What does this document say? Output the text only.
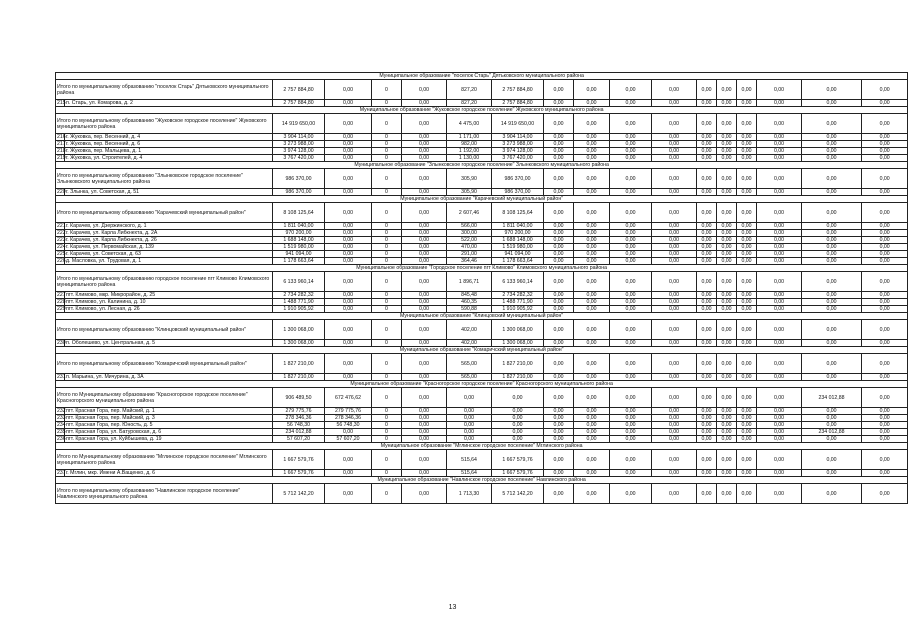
Муниципальное образование "поселок Старь" Дятьковского муниципального района																	
Итого по муниципальному образованию "поселок Старь" Дятьковского муниципального района		2 757 884,80	0,00	0	0,00	827,20	2 757 884,80	0,00	0,00	0,00	0,00	0,00	0,00	0,00	0,00	0,00	0,00
215	п. Старь, ул. Комарова, д. 2	2 757 884,80	0,00	0	0,00	827,20	2 757 884,80	0,00	0,00	0,00	0,00	0,00	0,00	0,00	0,00	0,00	0,00
Муниципальное образование "Жуковское городское поселение" Жуковского муниципального района																	
Итого по муниципальному образованию "Жуковское городское поселение" Жуковского муниципального района		14 919 650,00	0,00	0	0,00	4 475,00	14 919 650,00	0,00	0,00	0,00	0,00	0,00	0,00	0,00	0,00	0,00	0,00
216	г. Жуковка, пер. Весенний, д. 4	3 904 114,00	0,00	0	0,00	1 171,00	3 904 114,00	0,00	0,00	0,00	0,00	0,00	0,00	0,00	0,00	0,00	0,00
217	г. Жуковка, пер. Весенний, д. 6	3 273 988,00	0,00	0	0,00	982,00	3 273 988,00	0,00	0,00	0,00	0,00	0,00	0,00	0,00	0,00	0,00	0,00
218	г. Жуковка, пер. Мальцева, д. 1	3 974 128,00	0,00	0	0,00	1 192,00	3 974 128,00	0,00	0,00	0,00	0,00	0,00	0,00	0,00	0,00	0,00	0,00
219	г. Жуковка, ул. Строителей, д. 4	3 767 420,00	0,00	0	0,00	1 130,00	3 767 420,00	0,00	0,00	0,00	0,00	0,00	0,00	0,00	0,00	0,00	0,00
Муниципальное образование "Злынковское городское поселение" Злынковского муниципального района																	
Итого по муниципальному образованию "Злынковское городское поселение" Злынковского муниципального района		986 370,00	0,00	0	0,00	305,90	986 370,00	0,00	0,00	0,00	0,00	0,00	0,00	0,00	0,00	0,00	0,00
220	г. Злынка, ул. Советская, д. 51	986 370,00	0,00	0	0,00	305,90	986 370,00	0,00	0,00	0,00	0,00	0,00	0,00	0,00	0,00	0,00	0,00
Муниципальное образование "Карачевский муниципальный район"																	
Итого по муниципальному образованию "Карачевский муниципальный район"		8 108 125,64	0,00	0	0,00	2 607,46	8 108 125,64	0,00	0,00	0,00	0,00	0,00	0,00	0,00	0,00	0,00	0,00
221	г. Карачев, ул. Дзержинского, д. 1	1 811 040,00	0,00	0	0,00	566,00	1 811 040,00	0,00	0,00	0,00	0,00	0,00	0,00	0,00	0,00	0,00	0,00
222	г. Карачев, ул. Карла Либкнехта, д. 2А	970 200,00	0,00	0	0,00	300,00	970 200,00	0,00	0,00	0,00	0,00	0,00	0,00	0,00	0,00	0,00	0,00
223	г. Карачев, ул. Карла Либкнехта, д. 26	1 688 148,00	0,00	0	0,00	522,00	1 688 148,00	0,00	0,00	0,00	0,00	0,00	0,00	0,00	0,00	0,00	0,00
224	г. Карачев, ул. Первомайская, д. 139	1 519 980,00	0,00	0	0,00	470,00	1 519 980,00	0,00	0,00	0,00	0,00	0,00	0,00	0,00	0,00	0,00	0,00
225	г. Карачев, ул. Советская, д. 63	941 094,00	0,00	0	0,00	291,00	941 094,00	0,00	0,00	0,00	0,00	0,00	0,00	0,00	0,00	0,00	0,00
226	д. Масловка, ул. Трудовая, д. 1	1 178 663,64	0,00	0	0,00	364,46	1 178 663,64	0,00	0,00	0,00	0,00	0,00	0,00	0,00	0,00	0,00	0,00
Муниципальное образование "Городское поселение пгт Климово" Климовского муниципального района																	
Итого по муниципальному образованию городское поселение пгт Климово Климовского муниципального района		6 133 960,14	0,00	0	0,00	1 896,71	6 133 960,14	0,00	0,00	0,00	0,00	0,00	0,00	0,00	0,00	0,00	0,00
227	пгт. Климово, мкр. Микрорайон, д. 25	2 734 282,32	0,00	0	0,00	845,48	2 734 282,32	0,00	0,00	0,00	0,00	0,00	0,00	0,00	0,00	0,00	0,00
228	пгт. Климово, ул. Калинина, д. 10	1 488 771,90	0,00	0	0,00	460,35	1 488 771,90	0,00	0,00	0,00	0,00	0,00	0,00	0,00	0,00	0,00	0,00
229	пгт. Климово, ул. Лесная, д. 26	1 910 905,92	0,00	0	0,00	590,88	1 910 905,92	0,00	0,00	0,00	0,00	0,00	0,00	0,00	0,00	0,00	0,00
Муниципальное образование "Клинцовский муниципальный район"																	
Итого по муниципальному образованию "Клинцовский муниципальный район"		1 300 068,00	0,00	0	0,00	402,00	1 300 068,00	0,00	0,00	0,00	0,00	0,00	0,00	0,00	0,00	0,00	0,00
230	п. Оболешево, ул. Центральная, д. 5	1 300 068,00	0,00	0	0,00	402,00	1 300 068,00	0,00	0,00	0,00	0,00	0,00	0,00	0,00	0,00	0,00	0,00
Муниципальное образование "Комаричский муниципальный район"																	
Итого по муниципальному образованию "Комаричский муниципальный район"		1 827 210,00	0,00	0	0,00	565,00	1 827 210,00	0,00	0,00	0,00	0,00	0,00	0,00	0,00	0,00	0,00	0,00
231	п. Марьина, ул. Мичурина, д. 3А	1 827 210,00	0,00	0	0,00	565,00	1 827 210,00	0,00	0,00	0,00	0,00	0,00	0,00	0,00	0,00	0,00	0,00
Муниципальное образование "Красногорское городское поселение" Красногорского муниципального района																	
Итого по Муниципальному образованию "Красногорское городское поселение" Красногорского муниципального района		906 489,50	672 476,62	0	0,00	0,00	0,00	0,00	0,00	0,00	0,00	0,00	0,00	0,00	0,00	234 012,88	0,00
232	пгт. Красная Гора, пер. Майский, д. 1	279 775,76	279 775,76	0	0,00	0,00	0,00	0,00	0,00	0,00	0,00	0,00	0,00	0,00	0,00	0,00	0,00
233	пгт. Красная Гора, пер. Майский, д. 3	278 346,36	278 346,36	0	0,00	0,00	0,00	0,00	0,00	0,00	0,00	0,00	0,00	0,00	0,00	0,00	0,00
234	пгт. Красная Гора, пер. Юность, д. 5	56 748,30	56 748,30	0	0,00	0,00	0,00	0,00	0,00	0,00	0,00	0,00	0,00	0,00	0,00	0,00	0,00
235	пгт. Красная Гора, ул. Батуровская, д. 6	234 012,88	0,00	0	0,00	0,00	0,00	0,00	0,00	0,00	0,00	0,00	0,00	0,00	0,00	234 012,88	0,00
236	пгт. Красная Гора, ул. Куйбышева, д. 19	57 607,20	57 607,20	0	0,00	0,00	0,00	0,00	0,00	0,00	0,00	0,00	0,00	0,00	0,00	0,00	0,00
Муниципальное образование "Мглинское городское поселение" Мглинского района																	
Итого по Муниципальному образованию "Мглинское городское поселение" Мглинского муниципального района		1 667 579,76	0,00	0	0,00	515,64	1 667 579,76	0,00	0,00	0,00	0,00	0,00	0,00	0,00	0,00	0,00	0,00
237	г. Мглин, мкр. Имени А.Ващенко, д. 6	1 667 579,76	0,00	0	0,00	515,64	1 667 579,76	0,00	0,00	0,00	0,00	0,00	0,00	0,00	0,00	0,00	0,00
Муниципальное образование "Навлинское городское поселение" Навлинского района																	
Итого по муниципальному образованию "Навлинское городское поселение" Навлинского муниципального района		5 712 142,20	0,00	0	0,00	1 713,30	5 712 142,20	0,00	0,00	0,00	0,00	0,00	0,00	0,00	0,00	0,00	0,00
13
